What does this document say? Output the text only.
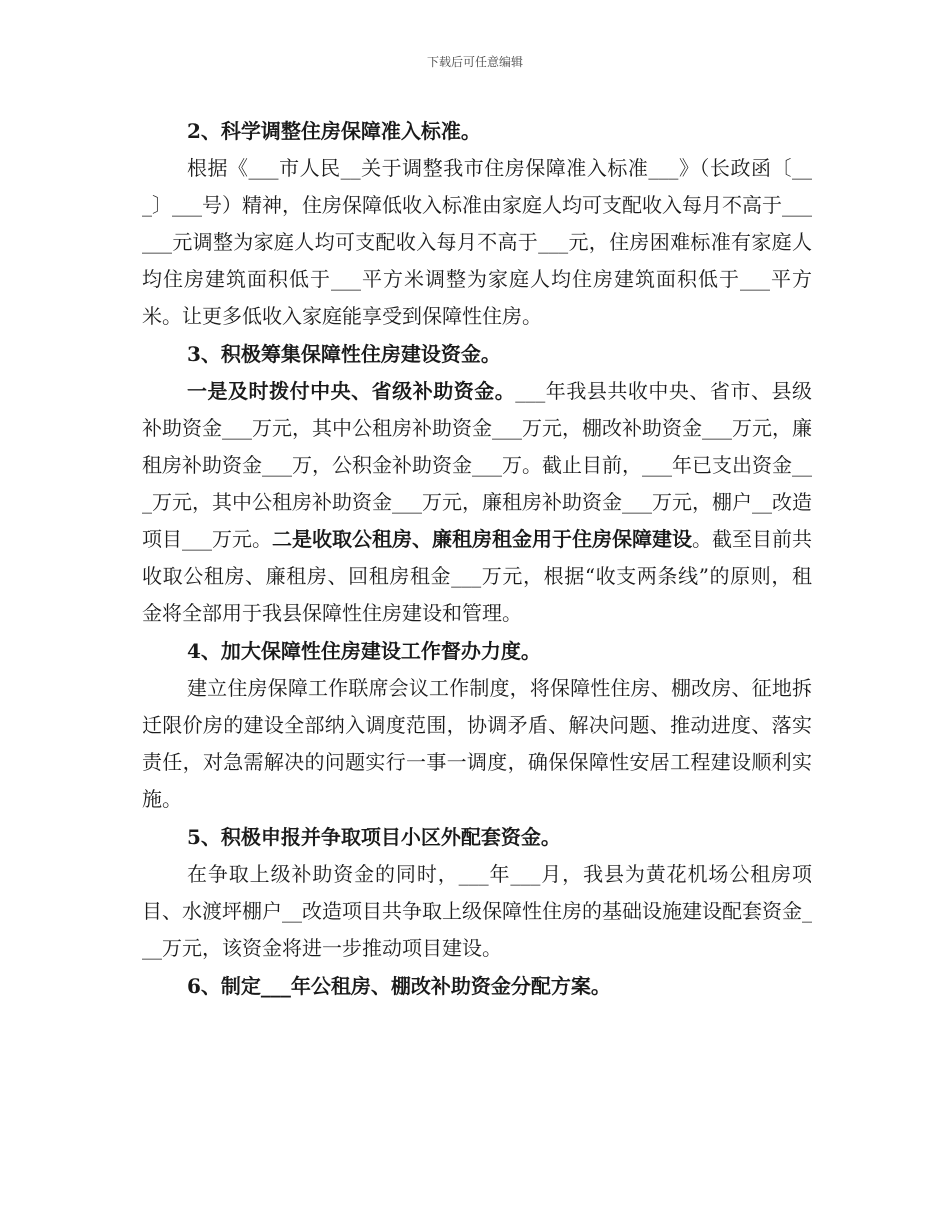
下载后可任意编辑

2、科学调整住房保障准入标准。

根据《___市人民__关于调整我市住房保障准入标准___》（长政函〔___〕___号）精神，住房保障低收入标准由家庭人均可支配收入每月不高于______元调整为家庭人均可支配收入每月不高于___元，住房困难标准有家庭人均住房建筑面积低于___平方米调整为家庭人均住房建筑面积低于___平方米。让更多低收入家庭能享受到保障性住房。

3、积极筹集保障性住房建设资金。

一是及时拨付中央、省级补助资金。___年我县共收中央、省市、县级补助资金___万元，其中公租房补助资金___万元，棚改补助资金___万元，廉租房补助资金___万，公积金补助资金___万。截止目前，___年已支出资金___万元，其中公租房补助资金___万元，廉租房补助资金___万元，棚户__改造项目___万元。二是收取公租房、廉租房租金用于住房保障建设。截至目前共收取公租房、廉租房、回租房租金___万元，根据“收支两条线”的原则，租金将全部用于我县保障性住房建设和管理。

4、加大保障性住房建设工作督办力度。

建立住房保障工作联席会议工作制度，将保障性住房、棚改房、征地拆迁限价房的建设全部纳入调度范围，协调矛盾、解决问题、推动进度、落实责任，对急需解决的问题实行一事一调度，确保保障性安居工程建设顺利实施。

5、积极申报并争取项目小区外配套资金。

在争取上级补助资金的同时，___年___月，我县为黄花机场公租房项目、水渡坪棚户__改造项目共争取上级保障性住房的基础设施建设配套资金___万元，该资金将进一步推动项目建设。

6、制定___年公租房、棚改补助资金分配方案。
